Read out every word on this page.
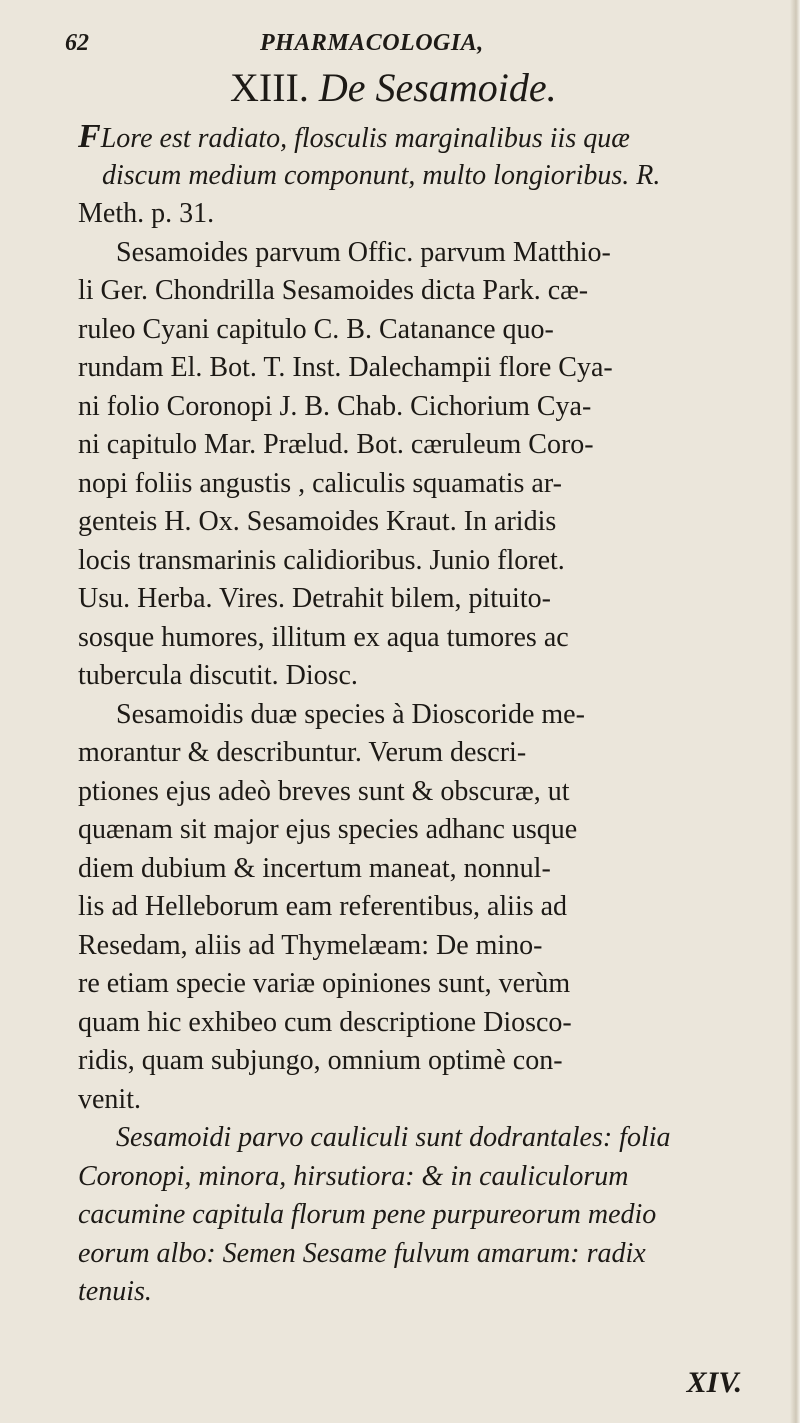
62	PHARMACOLOGIA,
XIII. De Sesamoide.
FLore est radiato, flosculis marginalibus iis quæ
discum medium componunt, multo longioribus. R.
Meth. p. 31.
Sesamoides parvum Offic. parvum Matthio-
li Ger. Chondrilla Sesamoides dicta Park. cæ-
ruleo Cyani capitulo C. B. Catanance quo-
rundam El. Bot. T. Inst. Dalechampii flore Cya-
ni folio Coronopi J. B. Chab. Cichorium Cya-
ni capitulo Mar. Prælud. Bot. cæruleum Coro-
nopi foliis angustis , caliculis squamatis ar-
genteis H. Ox. Sesamoides Kraut. In aridis
locis transmarinis calidioribus. Junio floret.
Usu. Herba. Vires. Detrahit bilem, pituito-
sosque humores, illitum ex aqua tumores ac
tubercula discutit. Diosc.
Sesamoidis duæ species à Dioscoride me-
morantur & describuntur. Verum descri-
ptiones ejus adeò breves sunt & obscuræ, ut
quænam sit major ejus species adhanc usque
diem dubium & incertum maneat, nonnul-
lis ad Helleborum eam referentibus, aliis ad
Resedam, aliis ad Thymelæam: De mino-
re etiam specie variæ opiniones sunt, verùm
quam hic exhibeo cum descriptione Diosco-
ridis, quam subjungo, omnium optimè con-
venit.
Sesamoidi parvo cauliculi sunt dodrantales: folia
Coronopi, minora, hirsutiora: & in cauliculorum
cacumine capitula florum pene purpureorum medio
eorum albo: Semen Sesame fulvum amarum: radix
tenuis.
XIV.
